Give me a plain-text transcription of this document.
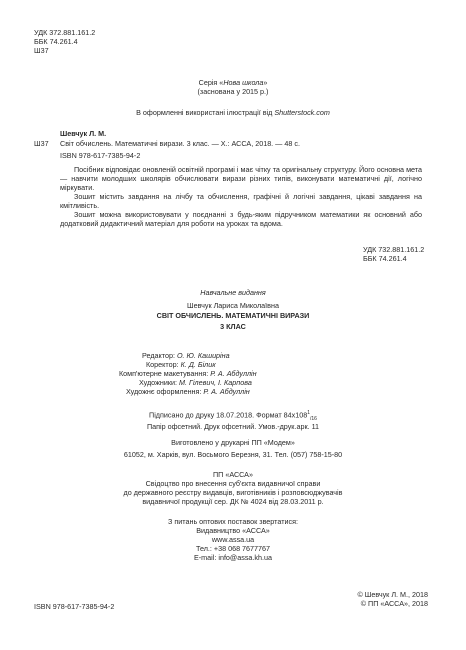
УДК 372.881.161.2
ББК 74.261.4
Ш37
Серія «Нова школа»
(заснована у 2015 р.)
В оформленні використані ілюстрації від Shutterstock.com
Шевчук Л. М.
Ш37 Світ обчислень. Математичні вирази. 3 клас. — Х.: АССА, 2018. — 48 с.
ISBN 978-617-7385-94-2
Посібник відповідає оновленій освітній програмі і має чітку та оригінальну структуру. Його основна мета — навчити молодших школярів обчислювати вирази різних типів, виконувати математичні дії, логічно міркувати.
Зошит містить завдання на лічбу та обчислення, графічні й логічні завдання, цікаві завдання на кмітливість.
Зошит можна використовувати у поєднанні з будь-яким підручником математики як основний або додатковий дидактичний матеріал для роботи на уроках та вдома.
УДК 732.881.161.2
ББК 74.261.4
Навчальне видання
Шевчук Лариса Миколаївна
СВІТ ОБЧИСЛЕНЬ. МАТЕМАТИЧНІ ВИРАЗИ
3 КЛАС
Редактор: О. Ю. Каширіна
Коректор: К. Д. Білик
Комп'ютерне макетування: Р. А. Абдуллін
Художники: М. Гілевич, І. Карпова
Художнє оформлення: Р. А. Абдуллін
Підписано до друку 18.07.2018. Формат $84х108^1_{/16}$
Папір офсетний. Друк офсетний. Умов.-друк.арк. 11
Виготовлено у друкарні ПП «Модем»
61052, м. Харків, вул. Восьмого Березня, 31. Тел. (057) 758-15-80
ПП «АССА»
Свідоцтво про внесення суб'єкта видавничої справи
до державного реєстру видавців, виготівників і розповсюджувачів
видавничої продукції сер. ДК № 4024 від 28.03.2011 р.
З питань оптових поставок звертатися:
Видавництво «АССА»
www.assa.ua
Тел.: +38 068 7677767
E-mail: info@assa.kh.ua
ISBN 978-617-7385-94-2
© Шевчук Л. М., 2018
© ПП «АССА», 2018
